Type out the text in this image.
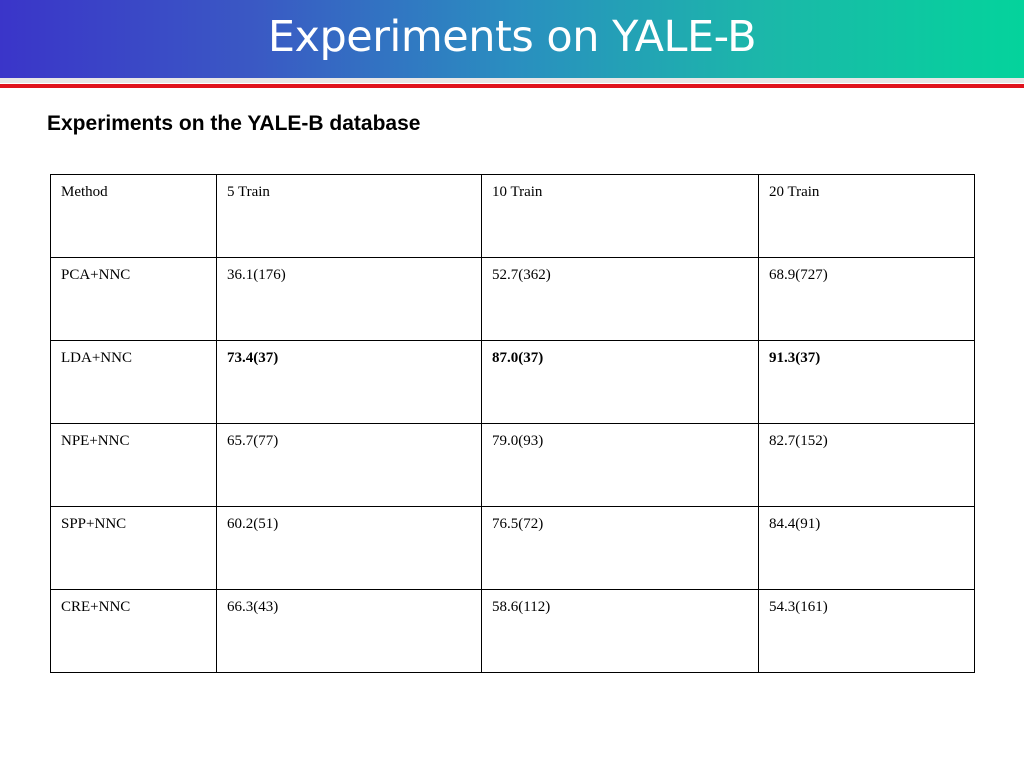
Experiments on YALE-B
Experiments on the YALE-B database
Method	5 Train	10 Train	20 Train
PCA+NNC	36.1(176)	52.7(362)	68.9(727)
LDA+NNC	73.4(37)	87.0(37)	91.3(37)
NPE+NNC	65.7(77)	79.0(93)	82.7(152)
SPP+NNC	60.2(51)	76.5(72)	84.4(91)
CRE+NNC	66.3(43)	58.6(112)	54.3(161)
